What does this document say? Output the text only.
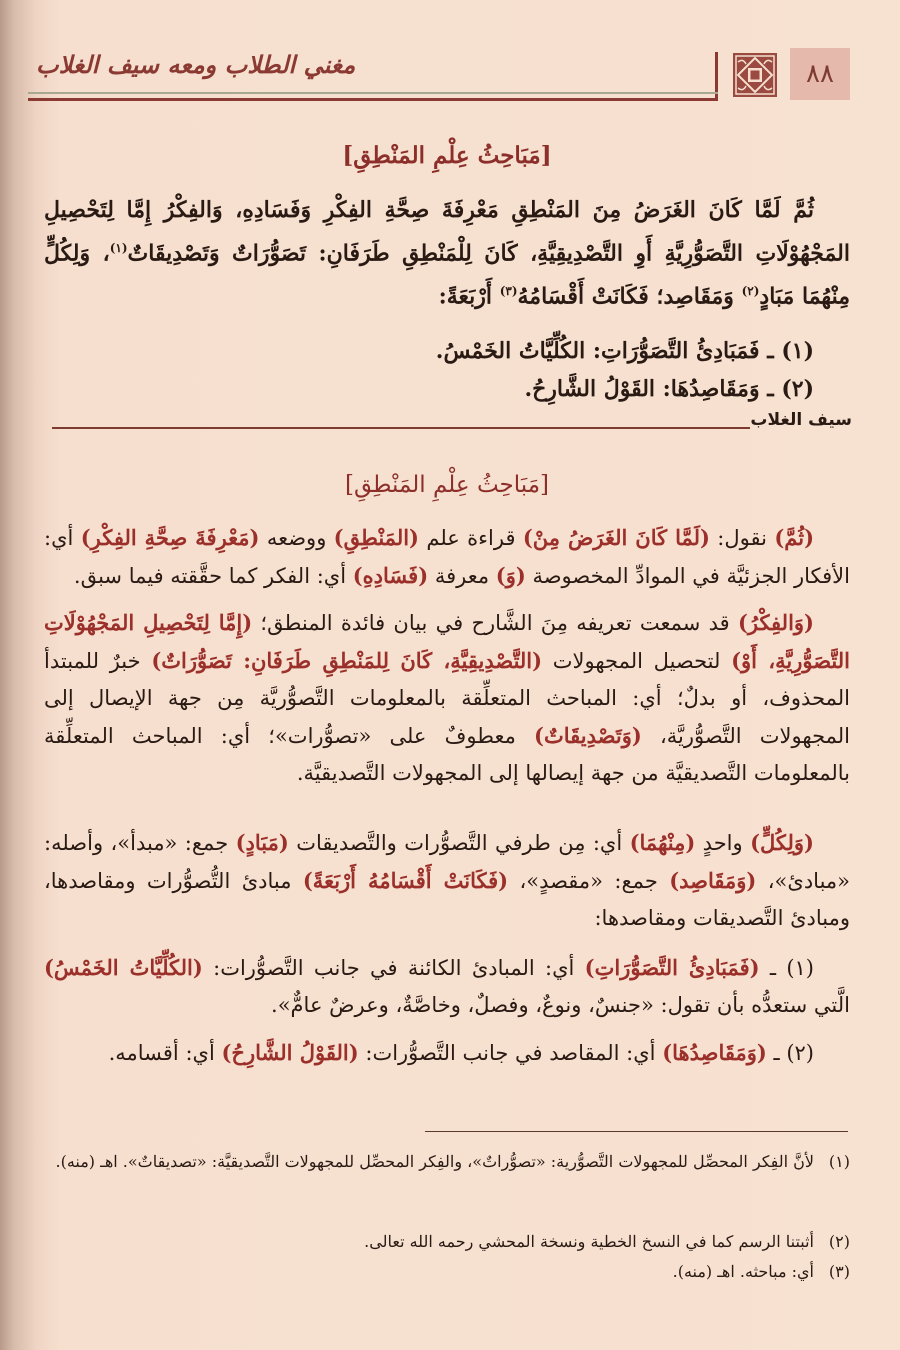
٨٨
مغني الطلاب ومعه سيف الغلاب
[مَبَاحِثُ عِلْمِ المَنْطِقِ]
ثُمَّ لَمَّا كَانَ الغَرَضُ مِنَ المَنْطِقِ مَعْرِفَةَ صِحَّةِ الفِكْرِ وَفَسَادِهِ، وَالفِكْرُ إِمَّا لِتَحْصِيلِ المَجْهُوْلَاتِ التَّصَوُّرِيَّةِ أَوِ التَّصْدِيقِيَّةِ، كَانَ لِلْمَنْطِقِ طَرَفَانِ: تَصَوُّرَاتٌ وَتَصْدِيقَاتٌ$^{(١)}$، وَلِكُلٍّ مِنْهُمَا مَبَادٍ$^{(٢)}$ وَمَقَاصِد؛ فَكَانَتْ أَقْسَامُهُ$^{(٣)}$ أَرْبَعَةً:
(١) ـ فَمَبَادِئُ التَّصَوُّرَاتِ: الكُلِّيَّاتُ الخَمْسُ.
(٢) ـ وَمَقَاصِدُهَا: القَوْلُ الشَّارِحُ.
[مَبَاحِثُ عِلْمِ المَنْطِقِ]
(ثُمَّ) نقول: (لَمَّا كَانَ الغَرَضُ مِنْ) قراءة علم (المَنْطِقِ) ووضعه (مَعْرِفَةَ صِحَّةِ الفِكْرِ) أي: الأفكار الجزئيَّة في الموادِّ المخصوصة (وَ) معرفة (فَسَادِهِ) أي: الفكر كما حقَّقته فيما سبق.
(وَالفِكْرُ) قد سمعت تعريفه مِنَ الشَّارح في بيان فائدة المنطق؛ (إِمَّا لِتَحْصِيلِ المَجْهُوْلَاتِ التَّصَوُّرِيَّةِ، أَوْ) لتحصيل المجهولات (التَّصْدِيقِيَّةِ، كَانَ لِلمَنْطِقِ طَرَفَانِ: تَصَوُّرَاتٌ) خبرٌ للمبتدأ المحذوف، أو بدلٌ؛ أي: المباحث المتعلِّقة بالمعلومات التَّصوُّريَّة مِن جهة الإيصال إلى المجهولات التَّصوُّريَّة، (وَتَصْدِيقَاتٌ) معطوفٌ على «تصوُّرات»؛ أي: المباحث المتعلِّقة بالمعلومات التَّصديقيَّة من جهة إيصالها إلى المجهولات التَّصديقيَّة.
(وَلِكُلٍّ) واحدٍ (مِنْهُمَا) أي: مِن طرفي التَّصوُّرات والتَّصديقات (مَبَادٍ) جمع: «مبدأ»، وأصله: «مبادئ»، (وَمَقَاصِد) جمع: «مقصدٍ»، (فَكَانَتْ أَقْسَامُهُ أَرْبَعَةً) مبادئ التُّصوُّرات ومقاصدها، ومبادئ التَّصديقات ومقاصدها:
(١) ـ (فَمَبَادِئُ التَّصَوُّرَاتِ) أي: المبادئ الكائنة في جانب التَّصوُّرات: (الكُلِّيَّاتُ الخَمْسُ) الَّتي ستعدُّه بأن تقول: «جنسٌ، ونوعٌ، وفصلٌ، وخاصَّةٌ، وعرضٌ عامٌّ».
(٢) ـ (وَمَقَاصِدُهَا) أي: المقاصد في جانب التَّصوُّرات: (القَوْلُ الشَّارِحُ) أي: أقسامه.
سيف الغلاب
(١)لأنَّ الفِكر المحصِّل للمجهولات التَّصوُّرية: «تصوُّراتٌ»، والفِكر المحصِّل للمجهولات التَّصديقيَّة: «تصديقاتٌ». اهـ (منه).
(٢)أثبتنا الرسم كما في النسخ الخطية ونسخة المحشي رحمه الله تعالى.
(٣)أي: مباحثه. اهـ (منه).
